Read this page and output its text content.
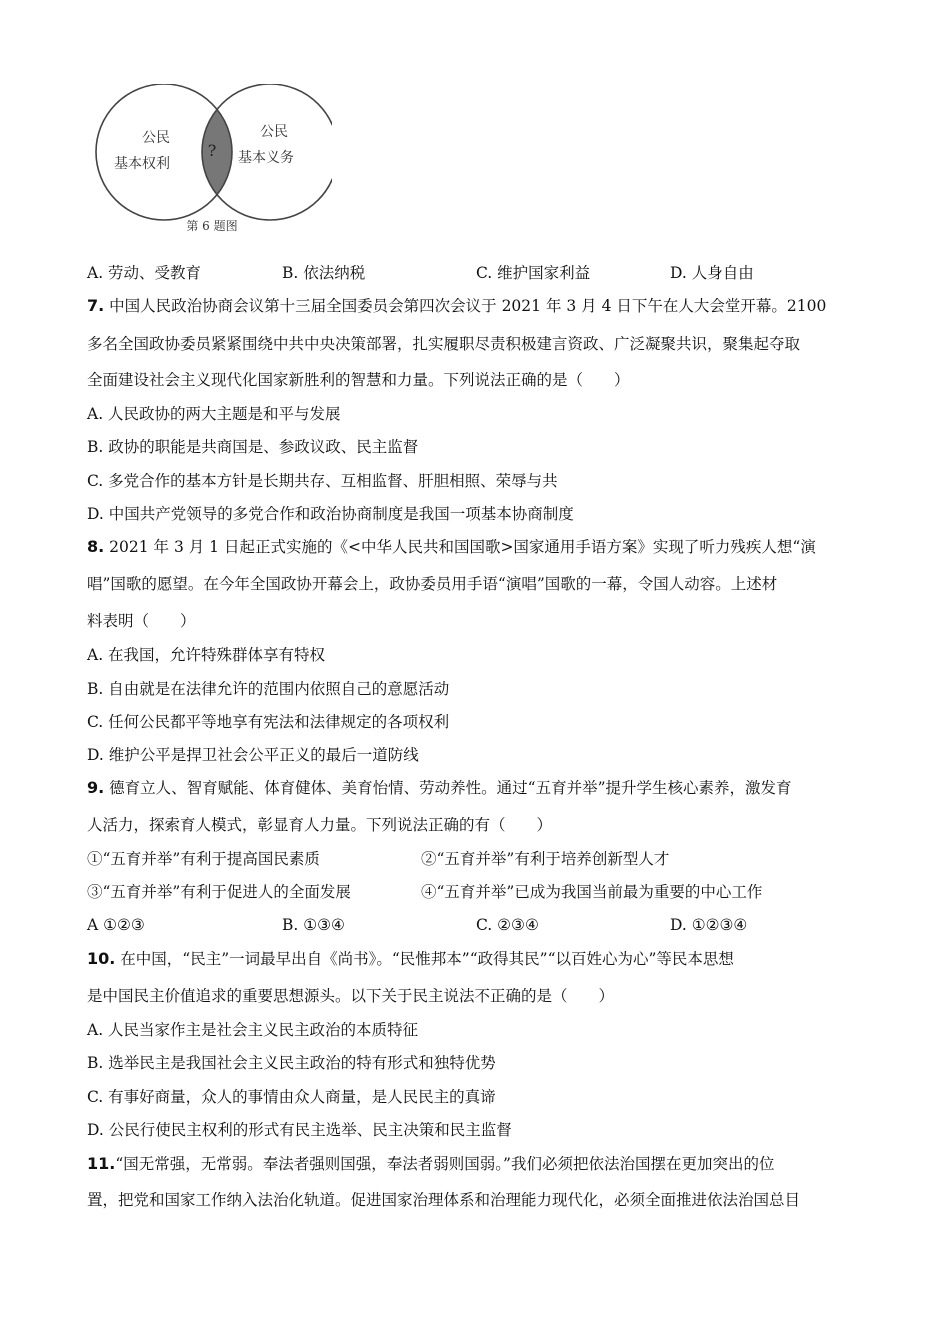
公民
基本权利
公民
基本义务
?
第 6 题图
A. 劳动、受教育	B. 依法纳税	C. 维护国家利益	D. 人身自由
7. 中国人民政治协商会议第十三届全国委员会第四次会议于 2021 年 3 月 4 日下午在人大会堂开幕。2100
多名全国政协委员紧紧围绕中共中央决策部署，扎实履职尽责积极建言资政、广泛凝聚共识，聚集起夺取
全面建设社会主义现代化国家新胜利的智慧和力量。下列说法正确的是（　　）
A. 人民政协的两大主题是和平与发展
B. 政协的职能是共商国是、参政议政、民主监督
C. 多党合作的基本方针是长期共存、互相监督、肝胆相照、荣辱与共
D. 中国共产党领导的多党合作和政治协商制度是我国一项基本协商制度
8. 2021 年 3 月 1 日起正式实施的《<中华人民共和国国歌>国家通用手语方案》实现了听力残疾人想“演
唱”国歌的愿望。在今年全国政协开幕会上，政协委员用手语“演唱”国歌的一幕，令国人动容。上述材
料表明（　　）
A. 在我国，允许特殊群体享有特权
B. 自由就是在法律允许的范围内依照自己的意愿活动
C. 任何公民都平等地享有宪法和法律规定的各项权利
D. 维护公平是捍卫社会公平正义的最后一道防线
9. 德育立人、智育赋能、体育健体、美育怡情、劳动养性。通过“五育并举”提升学生核心素养，激发育
人活力，探索育人模式，彰显育人力量。下列说法正确的有（　　）
①“五育并举”有利于提高国民素质	②“五育并举”有利于培养创新型人才
③“五育并举”有利于促进人的全面发展	④“五育并举”已成为我国当前最为重要的中心工作
A ①②③	B. ①③④	C. ②③④	D. ①②③④
10. 在中国，“民主”一词最早出自《尚书》。“民惟邦本”“政得其民”“以百姓心为心”等民本思想
是中国民主价值追求的重要思想源头。以下关于民主说法不正确的是（　　）
A. 人民当家作主是社会主义民主政治的本质特征
B. 选举民主是我国社会主义民主政治的特有形式和独特优势
C. 有事好商量，众人的事情由众人商量，是人民民主的真谛
D. 公民行使民主权利的形式有民主选举、民主决策和民主监督
11.“国无常强，无常弱。奉法者强则国强，奉法者弱则国弱。”我们必须把依法治国摆在更加突出的位
置，把党和国家工作纳入法治化轨道。促进国家治理体系和治理能力现代化，必须全面推进依法治国总目
